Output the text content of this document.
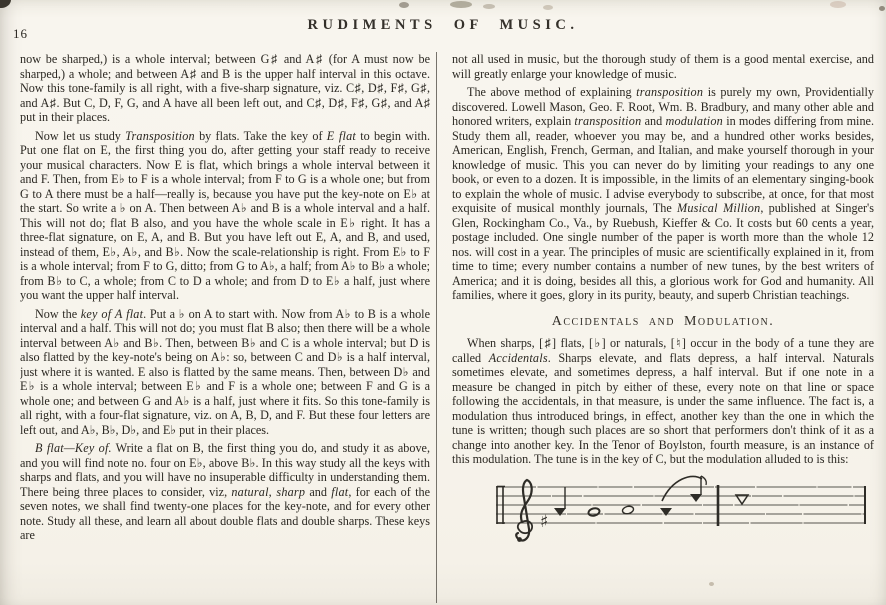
16
RUDIMENTS OF MUSIC.

now be sharped,) is a whole interval; between G♯ and A♯ (for A must now be sharped,) a whole; and between A♯ and B is the upper half interval in this octave. Now this tone-family is all right, with a five-sharp signature, viz. C♯, D♯, F♯, G♯, and A♯. But C, D, F, G, and A have all been left out, and C♯, D♯, F♯, G♯, and A♯ put in their places.

Now let us study Transposition by flats. Take the key of E flat to begin with. Put one flat on E, the first thing you do, after getting your staff ready to receive your musical characters. Now E is flat, which brings a whole interval between it and F. Then, from E♭ to F is a whole interval; from F to G is a whole one; but from G to A there must be a half—really is, because you have put the key-note on E♭ at the start. So write a ♭ on A. Then between A♭ and B is a whole interval and a half. This will not do; flat B also, and you have the whole scale in E♭ right. It has a three-flat signature, on E, A, and B. But you have left out E, A, and B, and used, instead of them, E♭, A♭, and B♭. Now the scale-relationship is right. From E♭ to F is a whole interval; from F to G, ditto; from G to A♭, a half; from A♭ to B♭ a whole; from B♭ to C, a whole; from C to D a whole; and from D to E♭ a half, just where you want the upper half interval.

Now the key of A flat. Put a ♭ on A to start with. Now from A♭ to B is a whole interval and a half. This will not do; you must flat B also; then there will be a whole interval between A♭ and B♭. Then, between B♭ and C is a whole interval; but D is also flatted by the key-note's being on A♭: so, between C and D♭ is a half interval, just where it is wanted. E also is flatted by the same means. Then, between D♭ and E♭ is a whole interval; between E♭ and F is a whole one; between F and G is a whole one; and between G and A♭ is a half, just where it fits. So this tone-family is all right, with a four-flat signature, viz. on A, B, D, and F. But these four letters are left out, and A♭, B♭, D♭, and E♭ put in their places.

B flat—Key of. Write a flat on B, the first thing you do, and study it as above, and you will find note no. four on E♭, above B♭. In this way study all the keys with sharps and flats, and you will have no insuperable difficulty in understanding them. There being three places to consider, viz, natural, sharp and flat, for each of the seven notes, we shall find twenty-one places for the key-note, and for every other note. Study all these, and learn all about double flats and double sharps. These keys are

not all used in music, but the thorough study of them is a good mental exercise, and will greatly enlarge your knowledge of music.

The above method of explaining transposition is purely my own, Providentially discovered. Lowell Mason, Geo. F. Root, Wm. B. Bradbury, and many other able and honored writers, explain transposition and modulation in modes differing from mine. Study them all, reader, whoever you may be, and a hundred other works besides, American, English, French, German, and Italian, and make yourself thorough in your knowledge of music. This you can never do by limiting your readings to any one book, or even to a dozen. It is impossible, in the limits of an elementary singing-book to explain the whole of music. I advise everybody to subscribe, at once, for that most exquisite of musical monthly journals, The Musical Million, published at Singer's Glen, Rockingham Co., Va., by Ruebush, Kieffer & Co. It costs but 60 cents a year, postage included. One single number of the paper is worth more than the whole 12 nos. will cost in a year. The principles of music are scientifically explained in it, from time to time; every number contains a number of new tunes, by the best writers of America; and it is doing, besides all this, a glorious work for God and humanity. All families, where it goes, glory in its purity, beauty, and superb Christian teachings.

Accidentals and Modulation.

When sharps, [♯] flats, [♭] or naturals, [♮] occur in the body of a tune they are called Accidentals. Sharps elevate, and flats depress, a half interval. Naturals sometimes elevate, and sometimes depress, a half interval. But if one note in a measure be changed in pitch by either of these, every note on that line or space following the accidentals, in that measure, is under the same influence. The fact is, a modulation thus introduced brings, in effect, another key than the one in which the tune is written; though such places are so short that performers don't think of it as a change into another key. In the Tenor of Boylston, fourth measure, is an instance of this modulation. The tune is in the key of C, but the modulation alluded to is this:

♯
